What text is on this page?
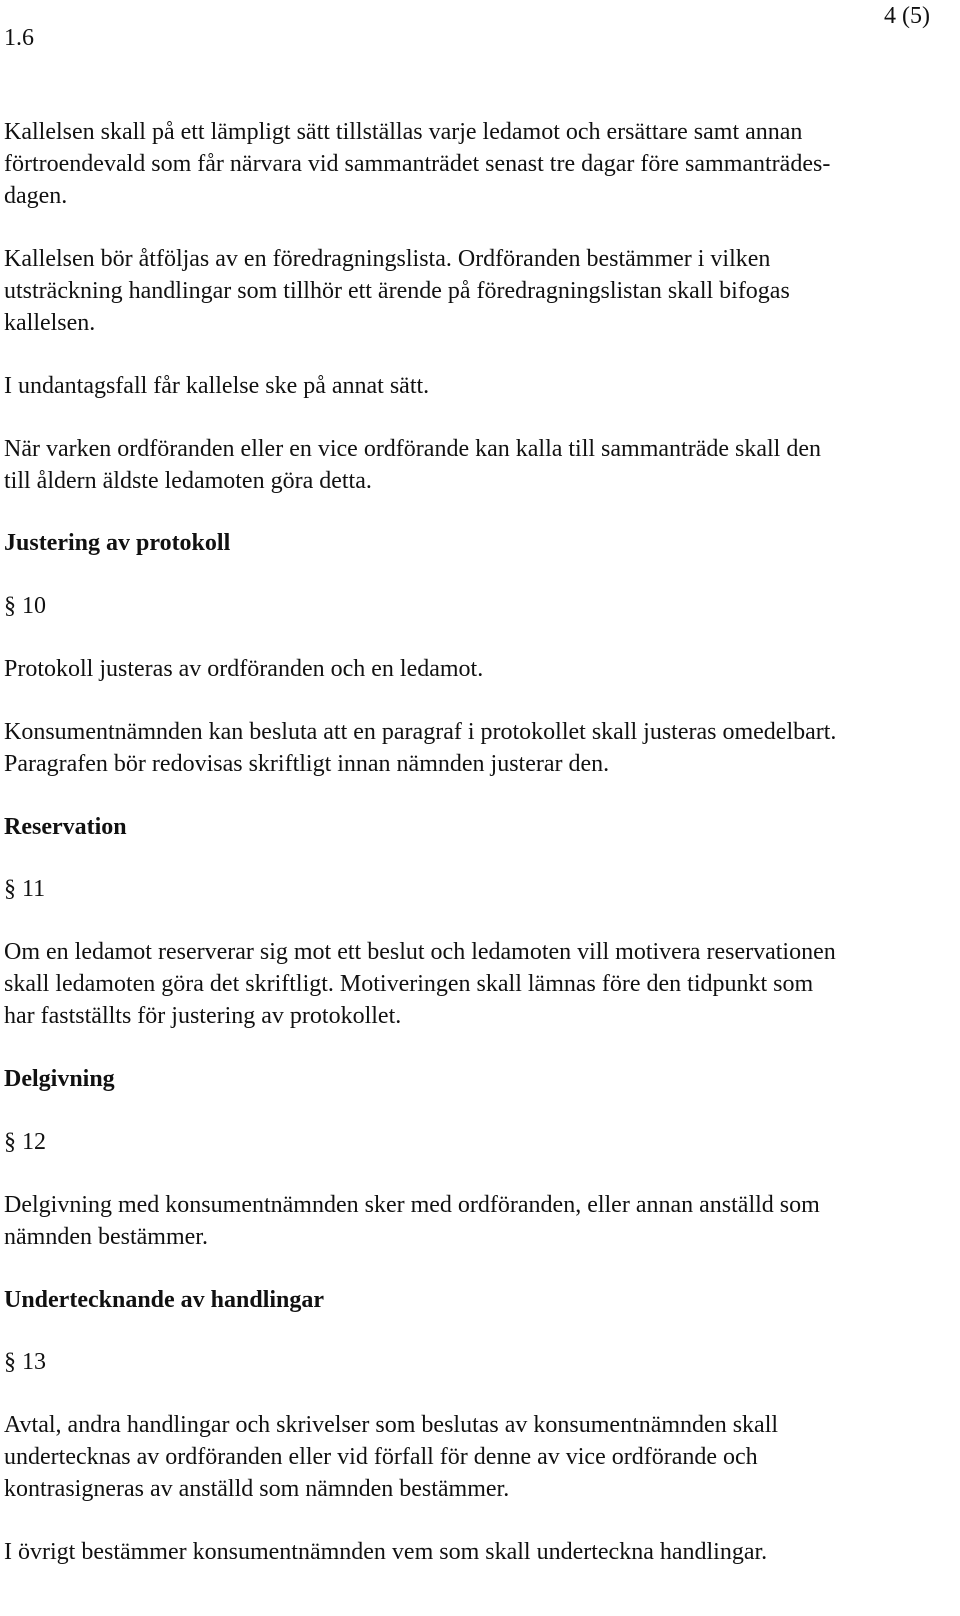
1.6
4 (5)
Kallelsen skall på ett lämpligt sätt tillställas varje ledamot och ersättare samt annan
förtroendevald som får närvara vid sammanträdet senast tre dagar före sammanträdes-
dagen.
Kallelsen bör åtföljas av en föredragningslista. Ordföranden bestämmer i vilken
utsträckning handlingar som tillhör ett ärende på föredragningslistan skall bifogas
kallelsen.
I undantagsfall får kallelse ske på annat sätt.
När varken ordföranden eller en vice ordförande kan kalla till sammanträde skall den
till åldern äldste ledamoten göra detta.
Justering av protokoll
§ 10
Protokoll justeras av ordföranden och en ledamot.
Konsumentnämnden kan besluta att en paragraf i protokollet skall justeras omedelbart.
Paragrafen bör redovisas skriftligt innan nämnden justerar den.
Reservation
§ 11
Om en ledamot reserverar sig mot ett beslut och ledamoten vill motivera reservationen
skall ledamoten göra det skriftligt. Motiveringen skall lämnas före den tidpunkt som
har fastställts för justering av protokollet.
Delgivning
§ 12
Delgivning med konsumentnämnden sker med ordföranden, eller annan anställd som
nämnden bestämmer.
Undertecknande av handlingar
§ 13
Avtal, andra handlingar och skrivelser som beslutas av konsumentnämnden skall
undertecknas av ordföranden eller vid förfall för denne av vice ordförande och
kontrasigneras av anställd som nämnden bestämmer.
I övrigt bestämmer konsumentnämnden vem som skall underteckna handlingar.
